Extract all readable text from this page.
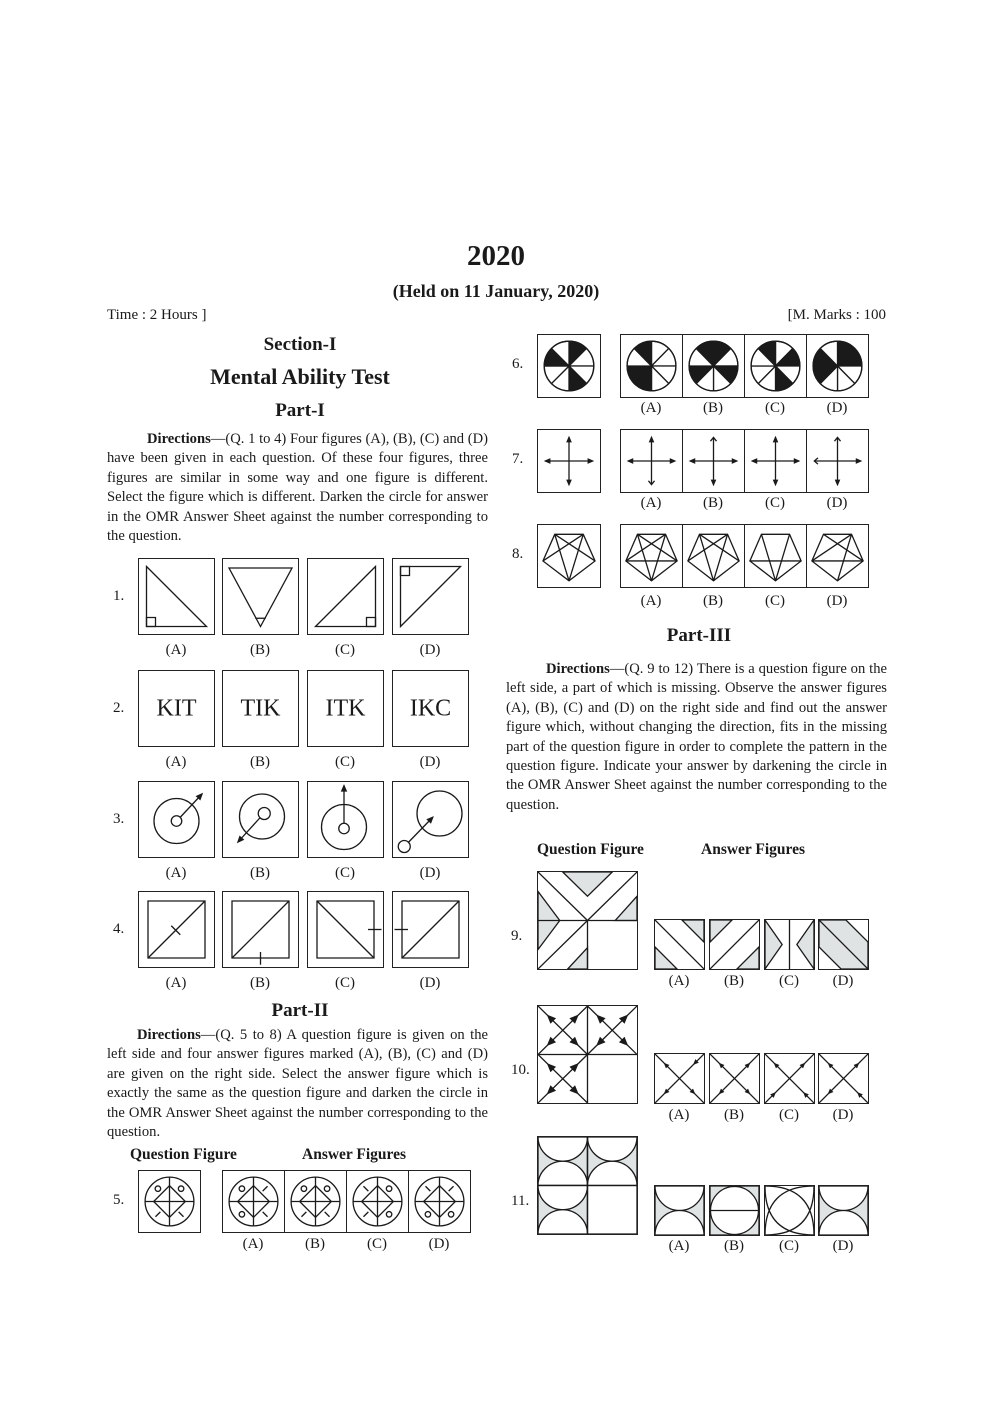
2020
(Held on 11 January, 2020)
Time : 2 Hours ]	[M. Marks : 100
Section-I
Mental Ability Test
Part-I
Directions—(Q. 1 to 4) Four figures (A), (B), (C) and (D) have been given in each question. Of these four figures, three figures are similar in some way and one figure is different. Select the figure which is different. Darken the circle for answer in the OMR Answer Sheet against the number corresponding to the question.
Part-II
Directions—(Q. 5 to 8) A question figure is given on the left side and four answer figures marked (A), (B), (C) and (D) are given on the right side. Select the answer figure which is exactly the same as the question figure and darken the circle in the OMR Answer Sheet against the number corresponding to the question.
Question Figure	Answer Figures
Part-III
Directions—(Q. 9 to 12) There is a question figure on the left side, a part of which is missing. Observe the answer figures (A), (B), (C) and (D) on the right side and find out the answer figure which, without changing the direction, fits in the missing part of the question figure in order to complete the pattern in the question figure. Indicate your answer by darkening the circle in the OMR Answer Sheet against the number corresponding to the question.
Question Figure	Answer Figures
1.
(A)	(B)	(C)	(D)
2.	KIT
(A)
TIK
(B)
ITK
(C)
IKC
(D)
3.
(A)	(B)	(C)	(D)
4.
(A)	(B)	(C)	(D)
5.
(A)	(B)	(C)	(D)
6.
(A)	(B)	(C)	(D)
7.
(A)	(B)	(C)	(D)
8.
(A)	(B)	(C)	(D)
9.
(A)	(B)	(C)	(D)
10.
(A)	(B)	(C)	(D)
11.
(A)	(B)	(C)	(D)
